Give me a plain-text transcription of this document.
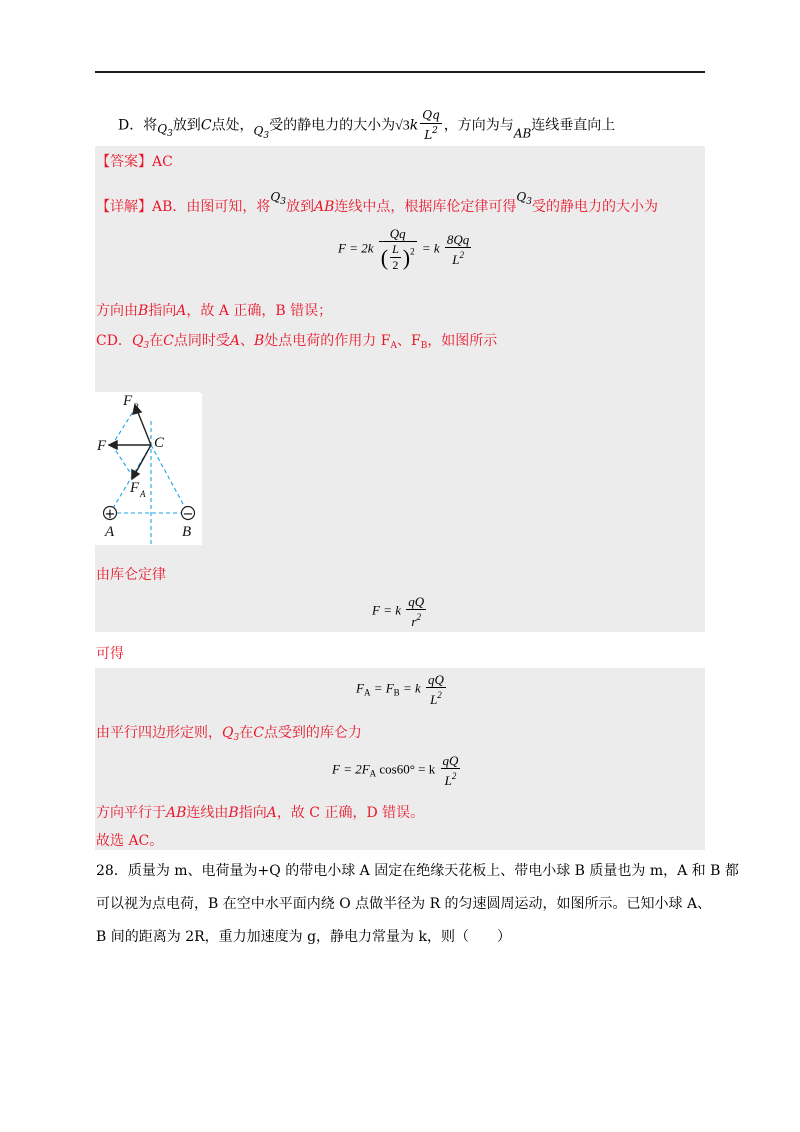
D．将$Q_3$放到C点处，$Q_3$受的静电力的大小为$√3k \frac{Qq}{L^2}$ ，方向为与AB连线垂直向上
【答案】AC
【详解】AB．由图可知，将$Q_3$放到AB连线中点，根据库伦定律可得$Q_3$受的静电力的大小为
$F = 2k \frac{Qq}{( \frac{L}{2} )^2} = k \frac{8Qq}{L^2}$
方向由B指向A，故 A 正确，B 错误；
CD．$Q_3$在C点同时受A、B处点电荷的作用力 $F_A$、$F_B$，如图所示
+	−
F B
F	C
F A
A	B
由库仑定律
F = k $\frac{qQ}{r^2}$
可得
$F_A = F_B = k \frac{qQ}{L^2}$
由平行四边形定则，$Q_3$在C点受到的库仑力
$F = 2F_A$ cos60° = k $\frac{qQ}{L^2}$
方向平行于AB连线由B指向A，故 C 正确，D 错误。
故选 AC。
28．质量为 m、电荷量为+Q 的带电小球 A 固定在绝缘天花板上、带电小球 B 质量也为 m，A 和 B 都
可以视为点电荷，B 在空中水平面内绕 O 点做半径为 R 的匀速圆周运动，如图所示。已知小球 A、
B 间的距离为 2R，重力加速度为 g，静电力常量为 k，则（　　）
